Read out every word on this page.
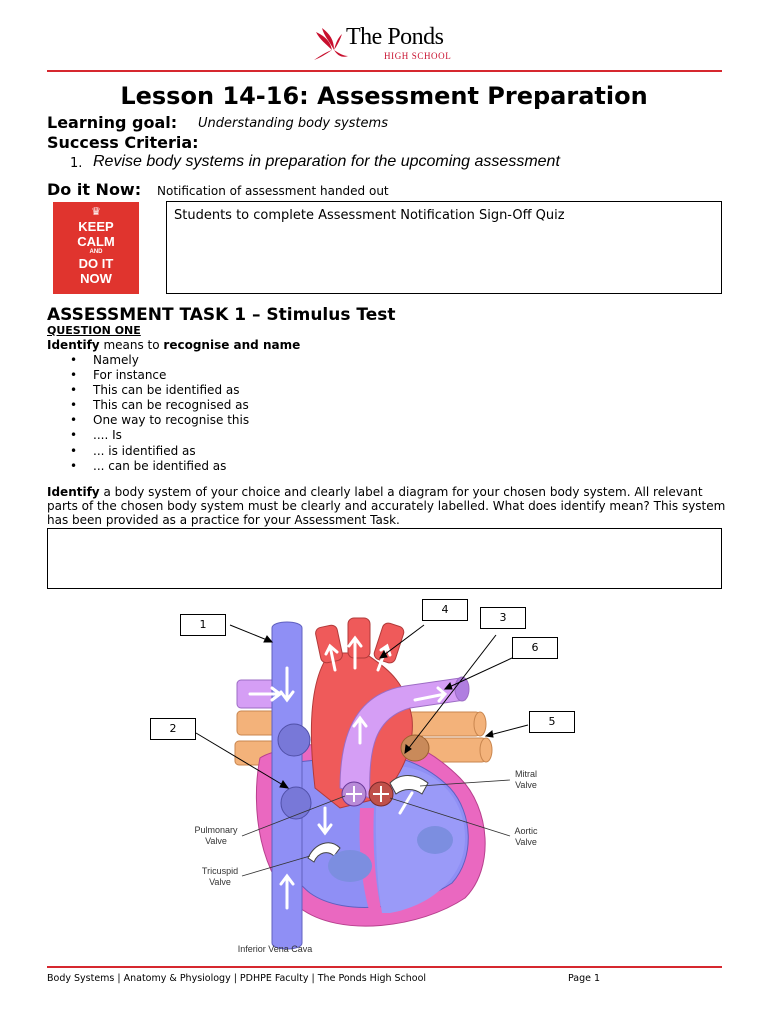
The Ponds
HIGH SCHOOL
Lesson 14-16: Assessment Preparation
Learning goal: Understanding body systems
Success Criteria:
1. Revise body systems in preparation for the upcoming assessment
Do it Now: Notification of assessment handed out
♛
KEEP
CALM
AND
DO IT
NOW
Students to complete Assessment Notification Sign-Off Quiz
ASSESSMENT TASK 1 – Stimulus Test
QUESTION ONE
Identify means to recognise and name
• Namely
• For instance
• This can be identified as
• This can be recognised as
• One way to recognise this
• .... Is
• ... is identified as
• ... can be identified as
Identify a body system of your choice and clearly label a diagram for your chosen body system. All relevant parts of the chosen body system must be clearly and accurately labelled. What does identify mean? This system has been provided as a practice for your Assessment Task.
Mitral
Valve
Aortic
Valve
Pulmonary
Valve
Tricuspid
Valve
Inferior Vena Cava
1
2
3
4
5
6
Body Systems | Anatomy & Physiology | PDHPE Faculty | The Ponds High School	Page 1
